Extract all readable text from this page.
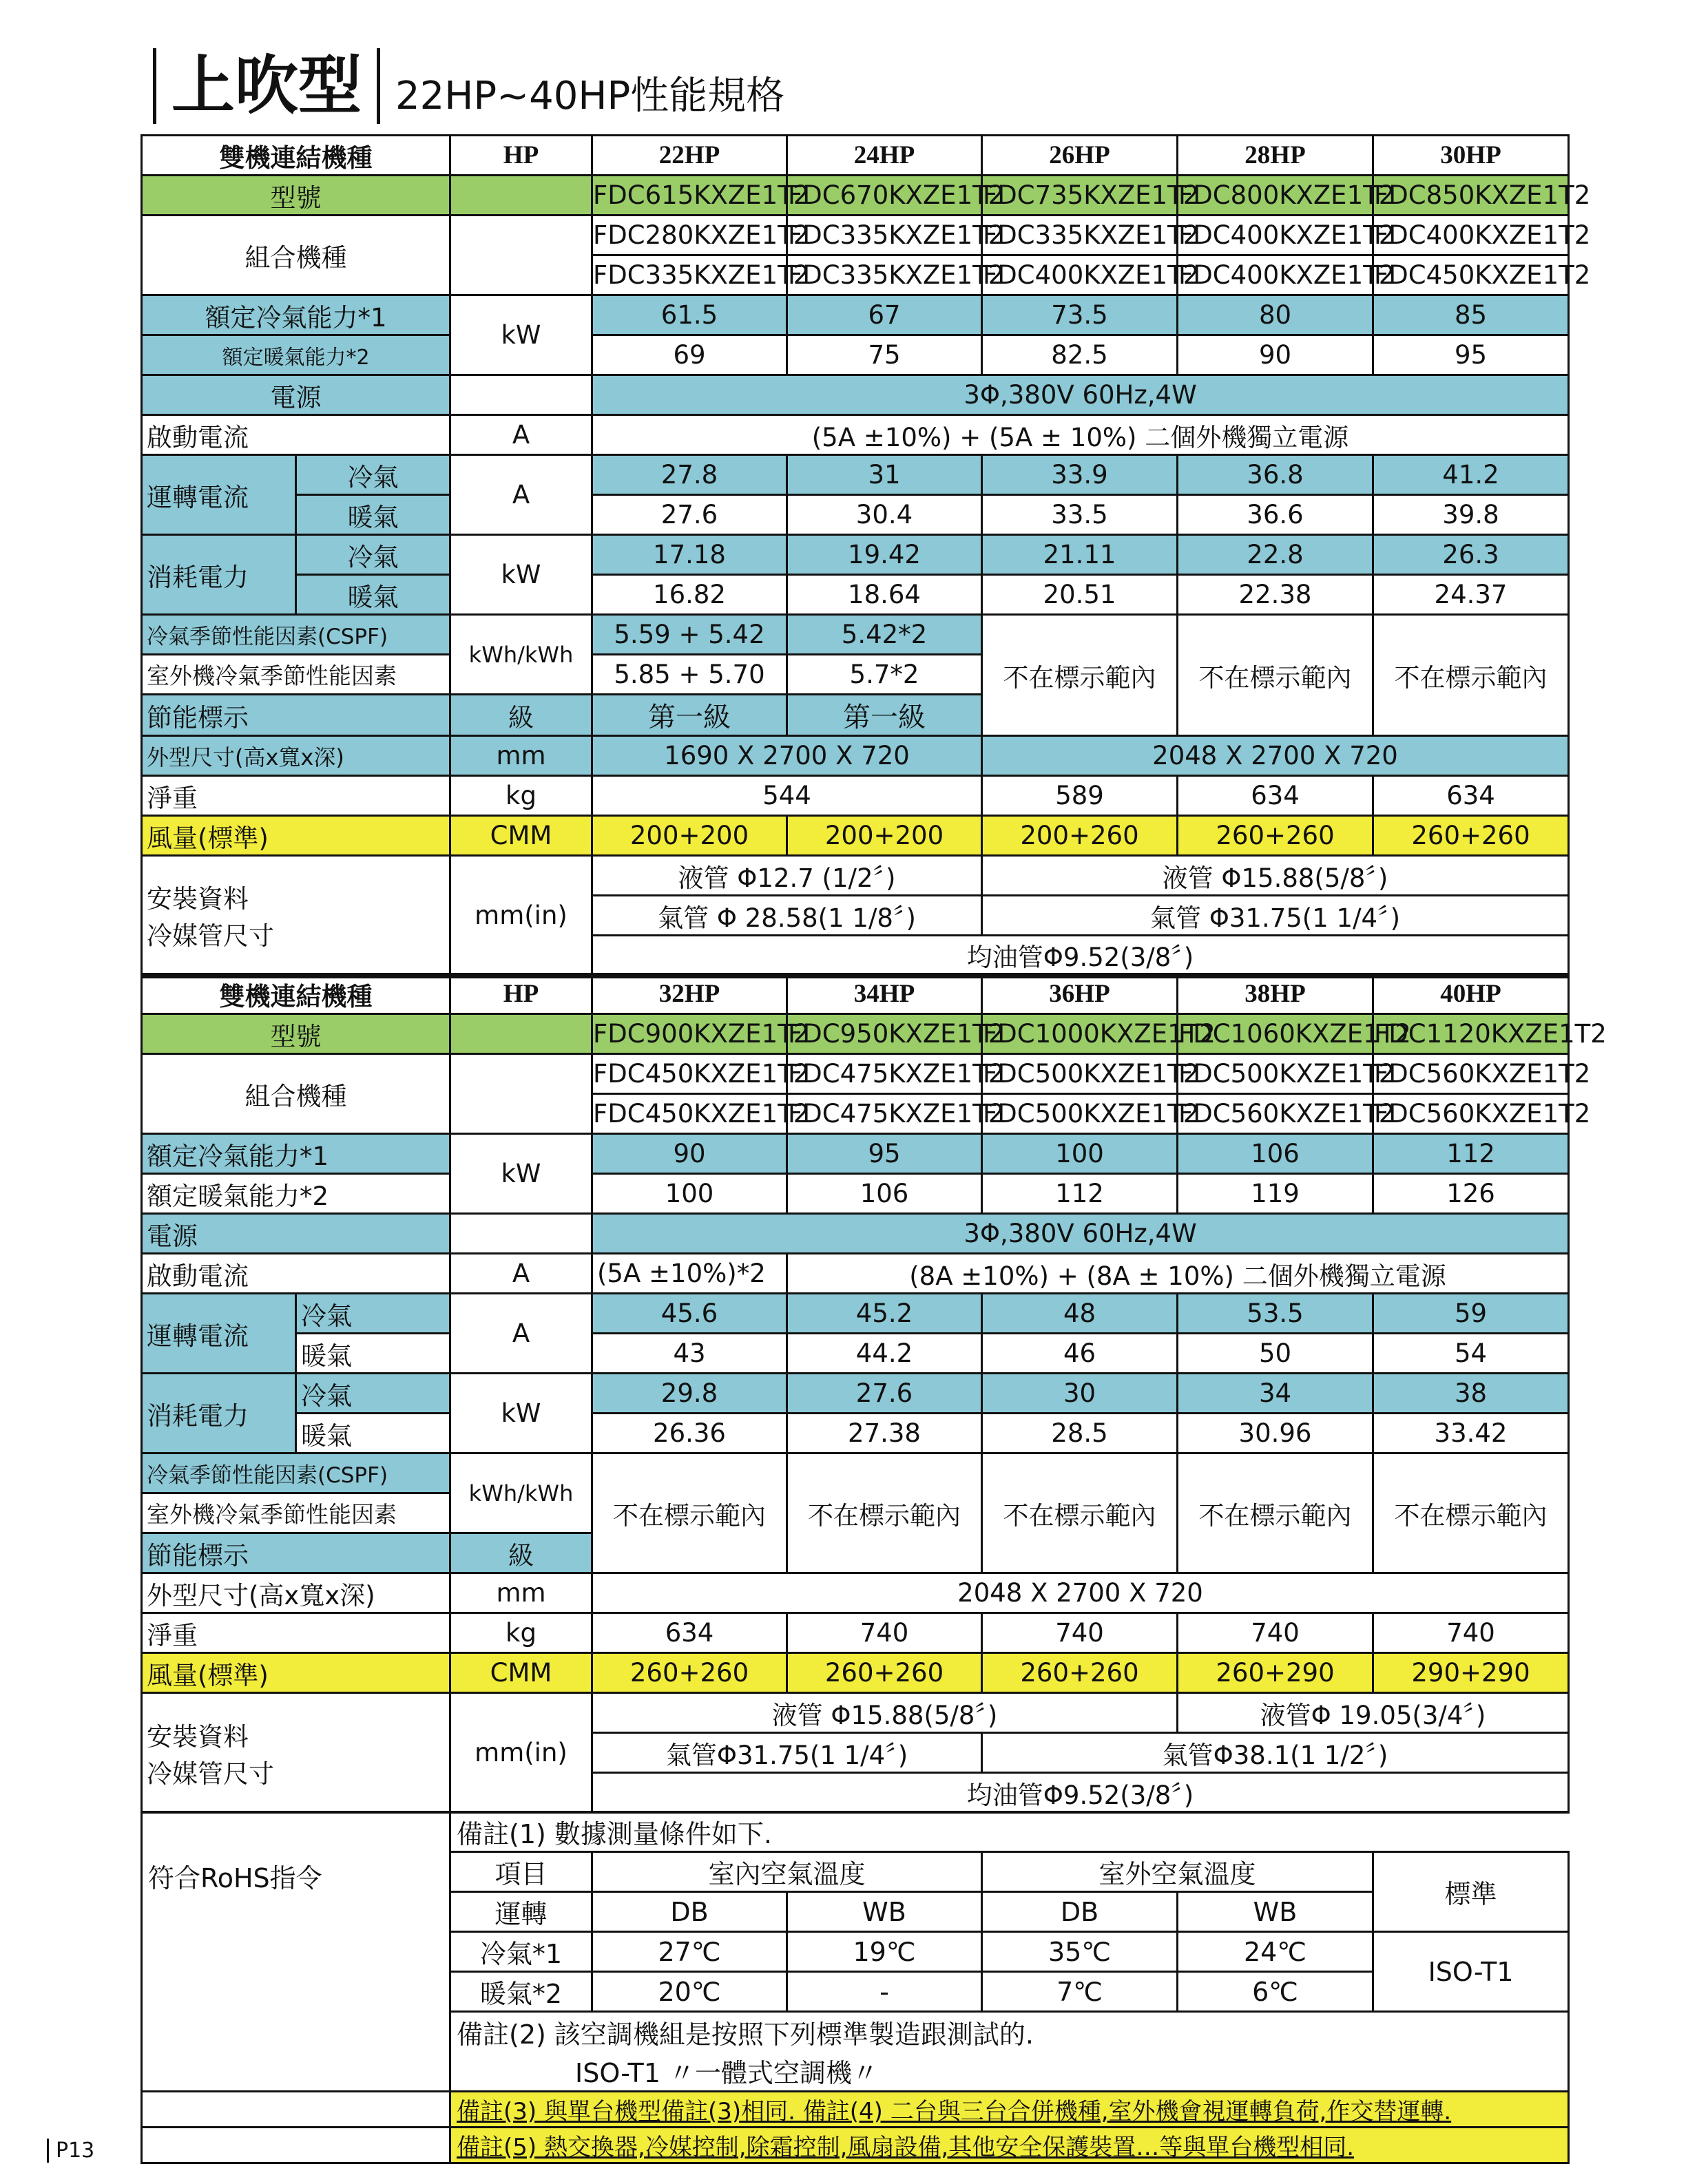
上吹型 22HP~40HP性能規格
雙機連結機種		HP	22HP	24HP	26HP	28HP	30HP
型號			FDC615KXZE1T2	FDC670KXZE1T2	FDC735KXZE1T2	FDC800KXZE1T2	FDC850KXZE1T2
組合機種			FDC280KXZE1T2	FDC335KXZE1T2	FDC335KXZE1T2	FDC400KXZE1T2	FDC400KXZE1T2
			FDC335KXZE1T2	FDC335KXZE1T2	FDC400KXZE1T2	FDC400KXZE1T2	FDC450KXZE1T2
額定冷氣能力*1		kW	61.5	67	73.5	80	85
額定暖氣能力*2			69	75	82.5	90	95
電源			3Φ,380V 60Hz,4W				
啟動電流		A	(5A ±10%) + (5A ± 10%) 二個外機獨立電源				
運轉電流	冷氣	A	27.8	31	33.9	36.8	41.2
	暖氣		27.6	30.4	33.5	36.6	39.8
消耗電力	冷氣	kW	17.18	19.42	21.11	22.8	26.3
	暖氣		16.82	18.64	20.51	22.38	24.37
冷氣季節性能因素(CSPF)		kWh/kWh	5.59 + 5.42	5.42*2	不在標示範內	不在標示範內	不在標示範內
室外機冷氣季節性能因素			5.85 + 5.70	5.7*2			
節能標示		級	第一級	第一級			
外型尺寸(高x寬x深)		mm	1690 X 2700 X 720		2048 X 2700 X 720		
淨重		kg	544		589	634	634
風量(標準)		CMM	200+200	200+200	200+260	260+260	260+260

安裝資料
冷媒管尺寸		mm(in)	液管 Φ12.7 (1/2〞)		液管 Φ15.88(5/8〞)		
			氣管 Φ 28.58(1 1/8〞)		氣管 Φ31.75(1 1/4〞)		
			均油管Φ9.52(3/8〞)				
雙機連結機種		HP	32HP	34HP	36HP	38HP	40HP
型號			FDC900KXZE1T2	FDC950KXZE1T2	FDC1000KXZE1T2	FDC1060KXZE1T2	FDC1120KXZE1T2
組合機種			FDC450KXZE1T2	FDC475KXZE1T2	FDC500KXZE1T2	FDC500KXZE1T2	FDC560KXZE1T2
			FDC450KXZE1T2	FDC475KXZE1T2	FDC500KXZE1T2	FDC560KXZE1T2	FDC560KXZE1T2
額定冷氣能力*1		kW	90	95	100	106	112
額定暖氣能力*2			100	106	112	119	126
電源			3Φ,380V 60Hz,4W				
啟動電流		A	(5A ±10%)*2	(8A ±10%) + (8A ± 10%) 二個外機獨立電源			
運轉電流	冷氣	A	45.6	45.2	48	53.5	59
	暖氣		43	44.2	46	50	54
消耗電力	冷氣	kW	29.8	27.6	30	34	38
	暖氣		26.36	27.38	28.5	30.96	33.42
冷氣季節性能因素(CSPF)		kWh/kWh	不在標示範內	不在標示範內	不在標示範內	不在標示範內	不在標示範內
室外機冷氣季節性能因素							
節能標示		級					
外型尺寸(高x寬x深)		mm	2048 X 2700 X 720				
淨重		kg	634	740	740	740	740
風量(標準)		CMM	260+260	260+260	260+260	260+290	290+290

安裝資料
冷媒管尺寸		mm(in)	液管 Φ15.88(5/8〞)			液管Φ 19.05(3/4〞)	
			氣管Φ31.75(1 1/4〞)		氣管Φ38.1(1 1/2〞)		
			均油管Φ9.52(3/8〞)				
符合RoHS指令	備註(1) 數據測量條件如下.					
	項目	室內空氣溫度		室外空氣溫度		標準
	運轉	DB	WB	DB	WB	
	冷氣*1	27℃	19℃	35℃	24℃	ISO-T1
	暖氣*2	20℃	-	7℃	6℃	
	備註(2) 該空調機組是按照下列標準製造跟測試的.					
	ISO-T1 〃一體式空調機〃					
	備註(3) 與單台機型備註(3)相同. 備註(4) 二台與三台合併機種,室外機會視運轉負荷,作交替運轉.					
	備註(5) 熱交換器,冷媒控制,除霜控制,風扇設備,其他安全保護裝置…等與單台機型相同.					
P13
